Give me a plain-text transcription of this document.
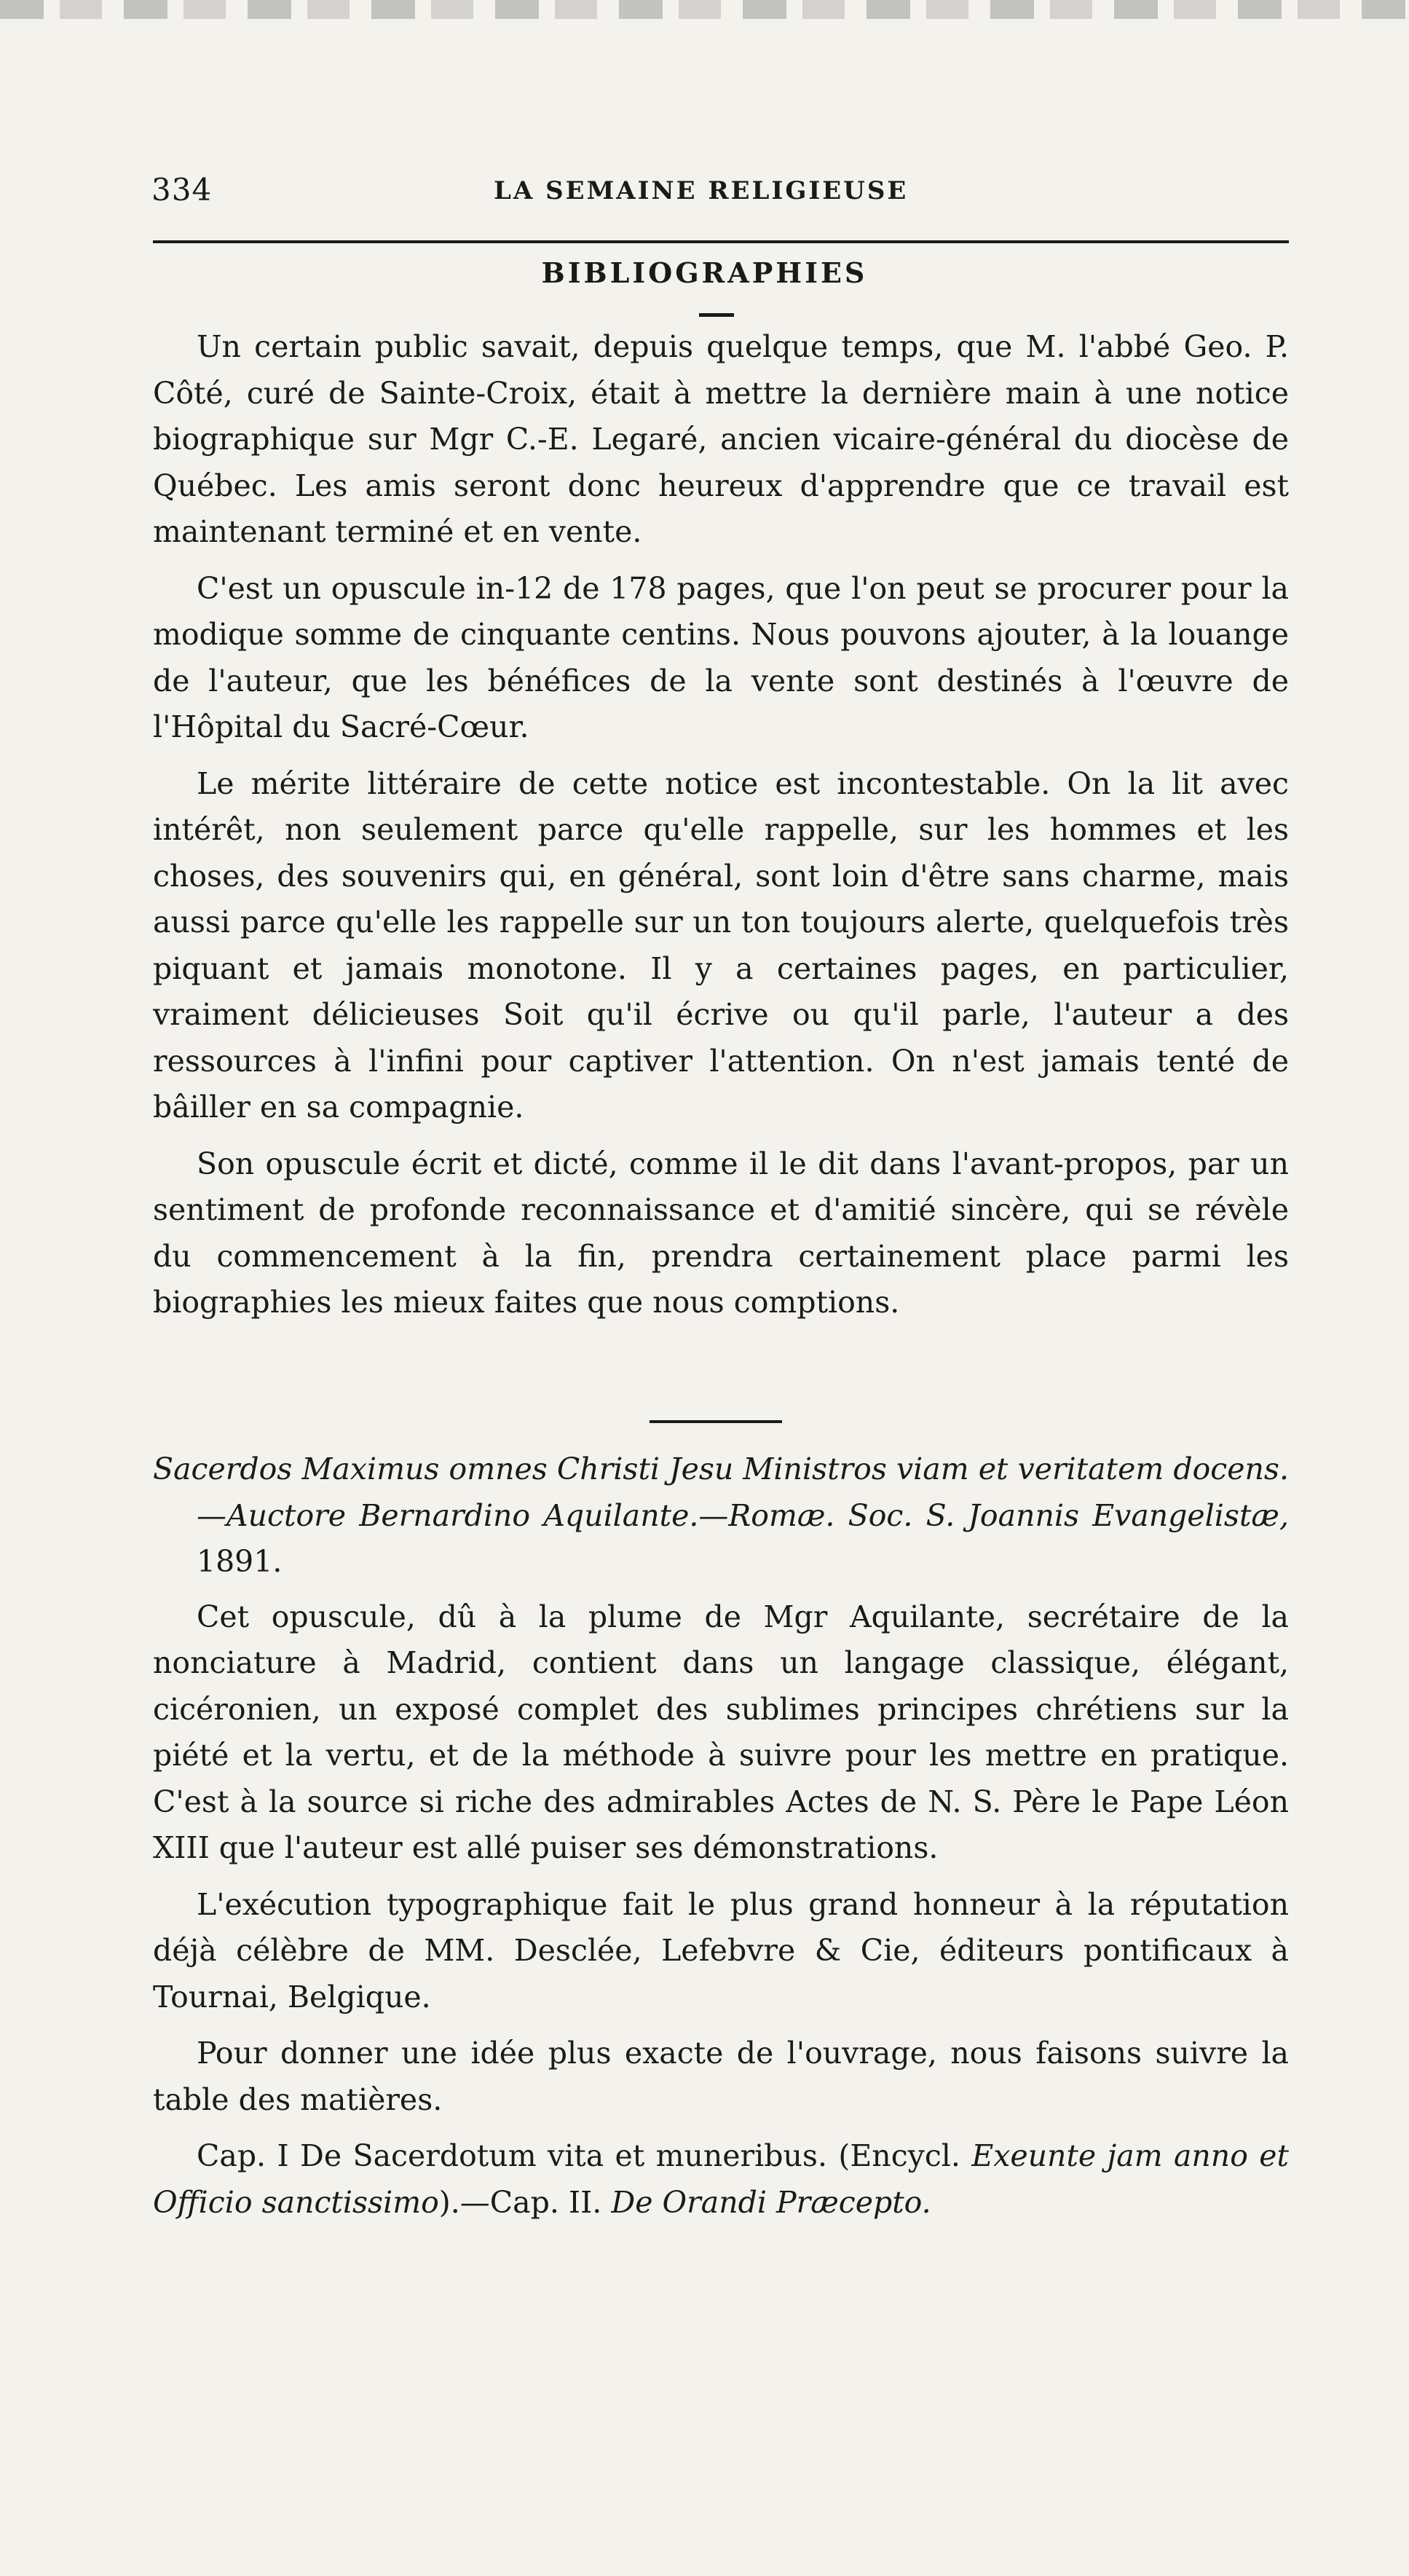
334	LA SEMAINE RELIGIEUSE
BIBLIOGRAPHIES

Un certain public savait, depuis quelque temps, que M. l'abbé Geo. P. Côté, curé de Sainte-Croix, était à mettre la dernière main à une notice biographique sur Mgr C.-E. Legaré, ancien vicaire-général du diocèse de Québec. Les amis seront donc heureux d'apprendre que ce travail est maintenant terminé et en vente.

C'est un opuscule in-12 de 178 pages, que l'on peut se procurer pour la modique somme de cinquante centins. Nous pouvons ajouter, à la louange de l'auteur, que les bénéfices de la vente sont destinés à l'œuvre de l'Hôpital du Sacré-Cœur.

Le mérite littéraire de cette notice est incontestable. On la lit avec intérêt, non seulement parce qu'elle rappelle, sur les hommes et les choses, des souvenirs qui, en général, sont loin d'être sans charme, mais aussi parce qu'elle les rappelle sur un ton toujours alerte, quelquefois très piquant et jamais monotone. Il y a certaines pages, en particulier, vraiment délicieuses Soit qu'il écrive ou qu'il parle, l'auteur a des ressources à l'infini pour captiver l'attention. On n'est jamais tenté de bâiller en sa compagnie.

Son opuscule écrit et dicté, comme il le dit dans l'avant-propos, par un sentiment de profonde reconnaissance et d'amitié sincère, qui se révèle du commencement à la fin, prendra certainement place parmi les biographies les mieux faites que nous comptions.

Sacerdos Maximus omnes Christi Jesu Ministros viam et veritatem docens.—Auctore Bernardino Aquilante.—Romæ. Soc. S. Joannis Evangelistæ, 1891.

Cet opuscule, dû à la plume de Mgr Aquilante, secrétaire de la nonciature à Madrid, contient dans un langage classique, élégant, cicéronien, un exposé complet des sublimes principes chrétiens sur la piété et la vertu, et de la méthode à suivre pour les mettre en pratique. C'est à la source si riche des admirables Actes de N. S. Père le Pape Léon XIII que l'auteur est allé puiser ses démonstrations.

L'exécution typographique fait le plus grand honneur à la réputation déjà célèbre de MM. Desclée, Lefebvre & Cie, éditeurs pontificaux à Tournai, Belgique.

Pour donner une idée plus exacte de l'ouvrage, nous faisons suivre la table des matières.

Cap. I De Sacerdotum vita et muneribus. (Encycl. Exeunte jam anno et Officio sanctissimo).—Cap. II. De Orandi Præcepto.
